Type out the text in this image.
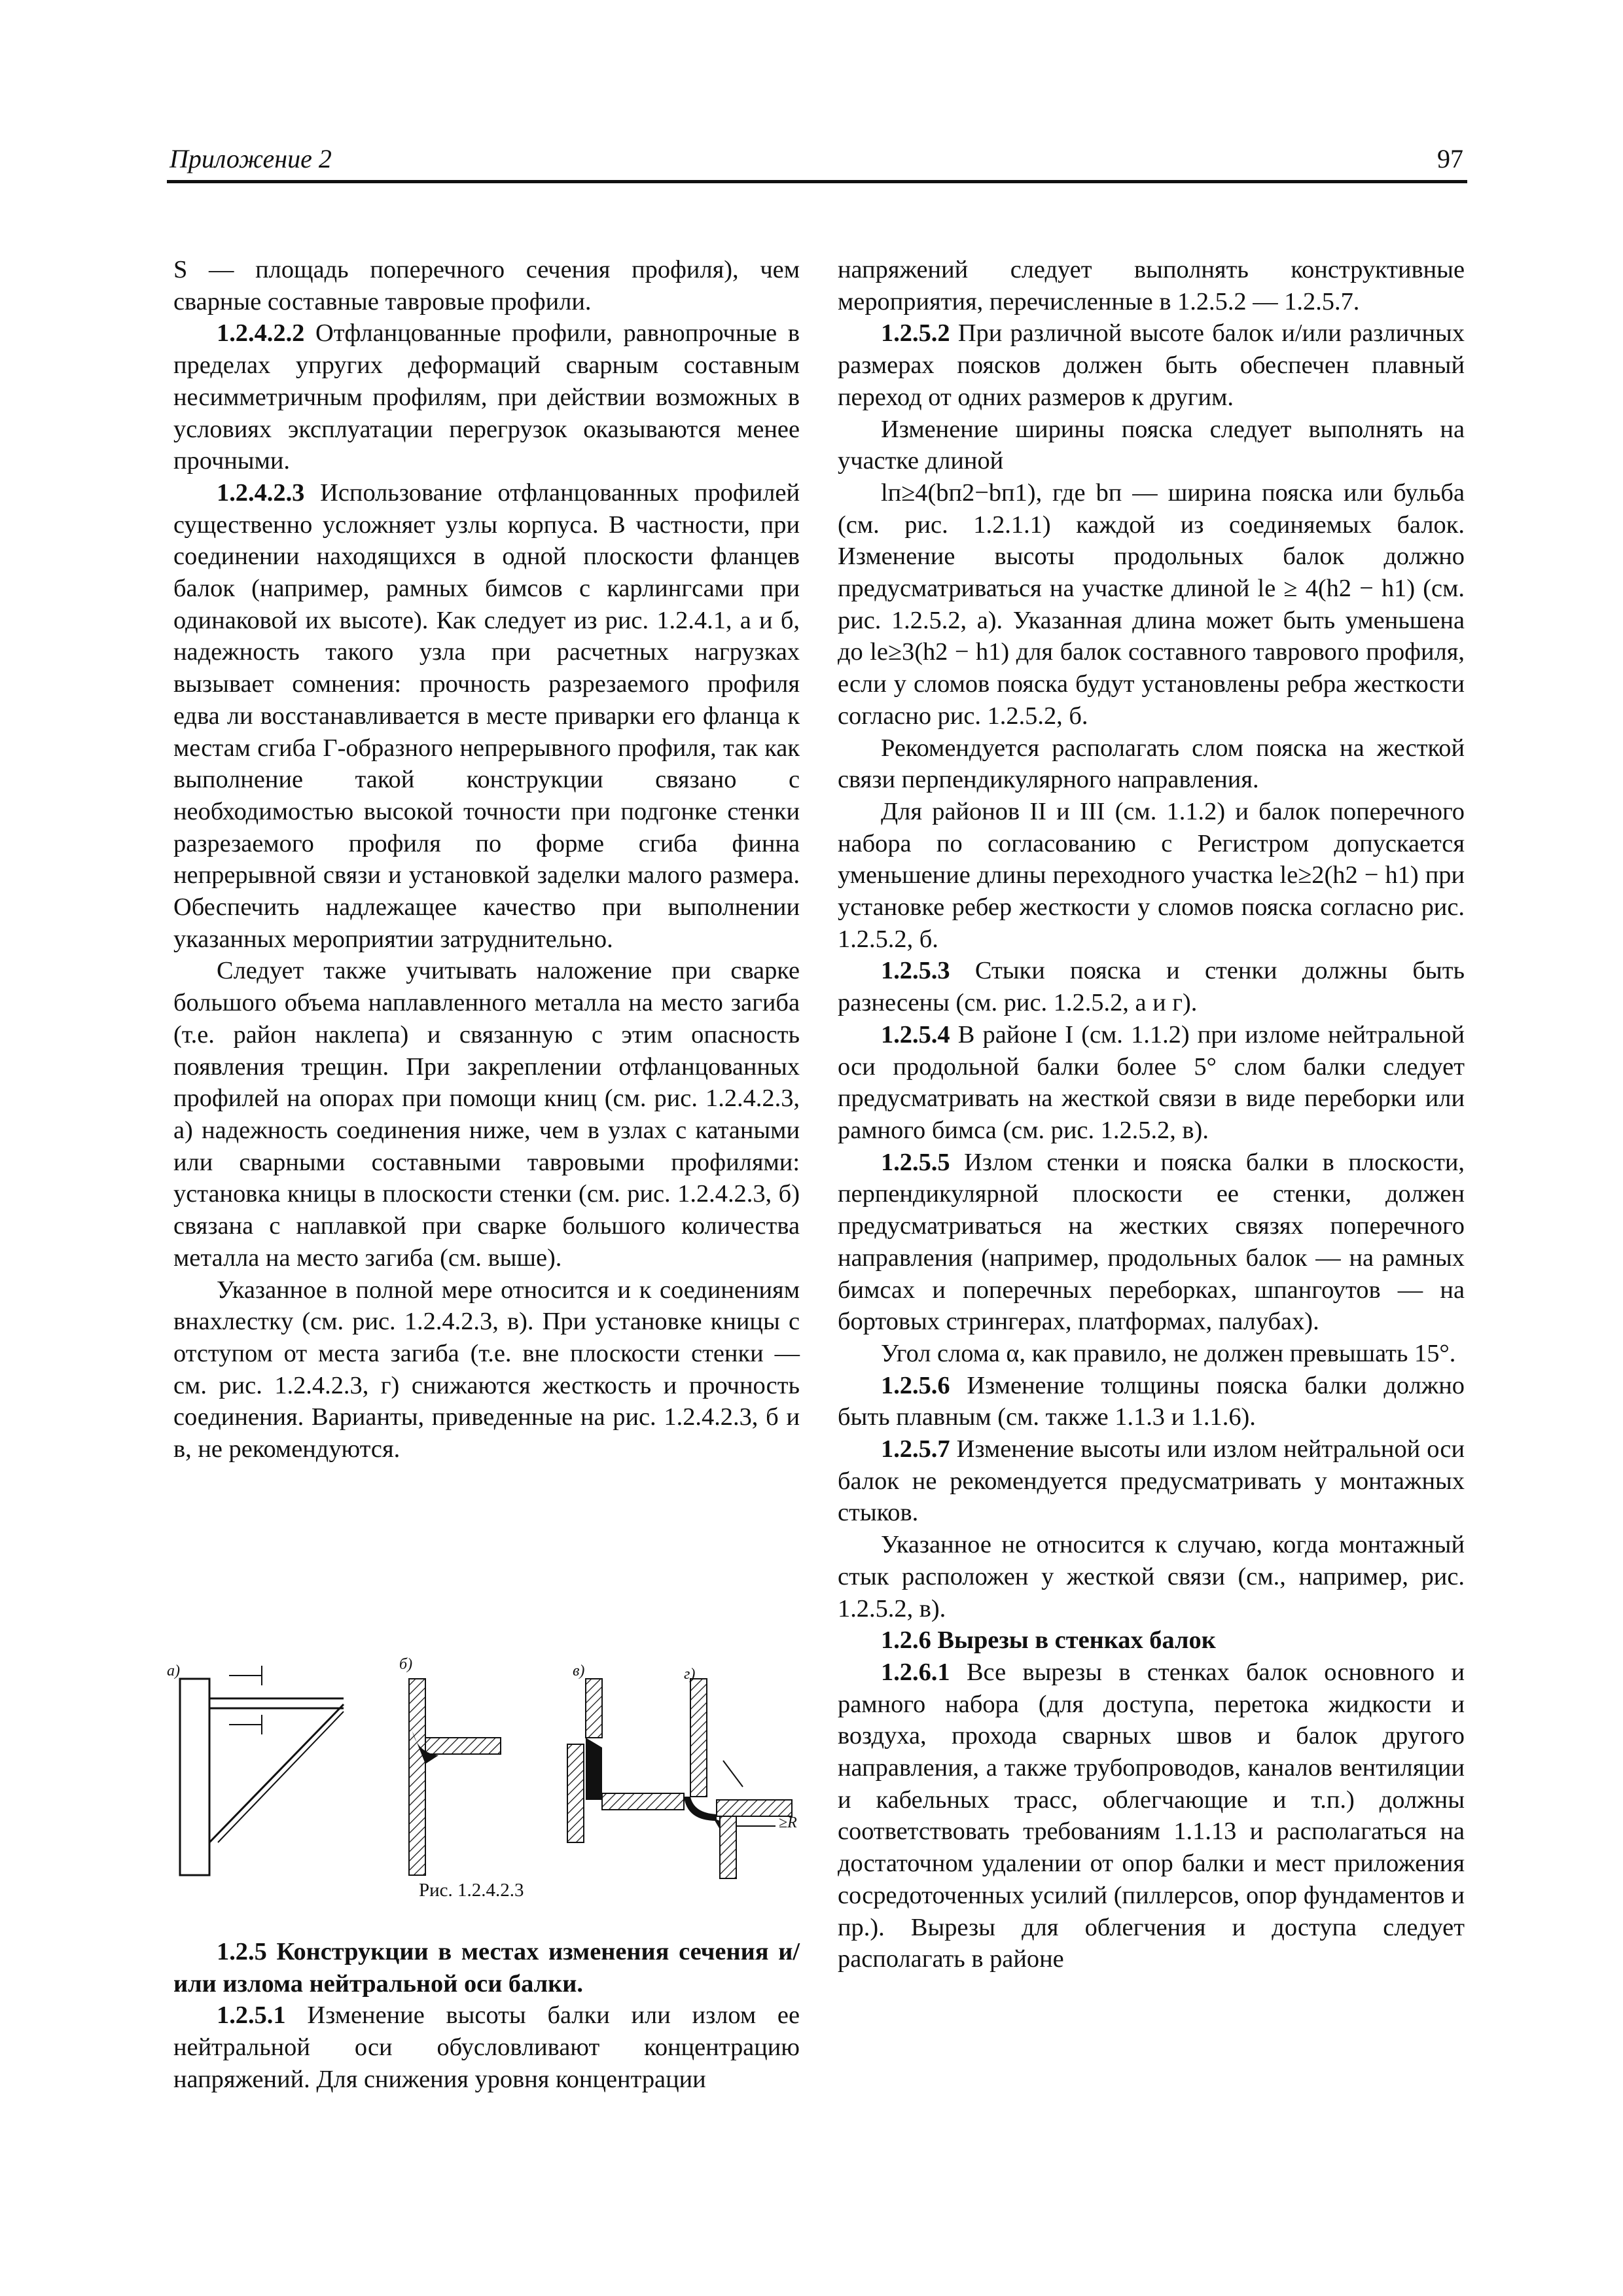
Приложение 2	97

S — площадь поперечного сечения профиля), чем сварные составные тавровые профили.

1.2.4.2.2 Отфланцованные профили, равнопрочные в пределах упругих деформаций сварным составным несимметричным профилям, при действии возможных в условиях эксплуатации перегрузок оказываются менее прочными.

1.2.4.2.3 Использование отфланцованных профилей существенно усложняет узлы корпуса. В частности, при соединении находящихся в одной плоскости фланцев балок (например, рамных бимсов с карлингсами при одинаковой их высоте). Как следует из рис. 1.2.4.1, а и б, надежность такого узла при расчетных нагрузках вызывает сомнения: прочность разрезаемого профиля едва ли восстанавливается в месте приварки его фланца к местам сгиба Г-образного непрерывного профиля, так как выполнение такой конструкции связано с необходимостью высокой точности при подгонке стенки разрезаемого профиля по форме сгиба финна непрерывной связи и установкой заделки малого размера. Обеспечить надлежащее качество при выполнении указанных мероприятии затруднительно.

Следует также учитывать наложение при сварке большого объема наплавленного металла на место загиба (т.е. район наклепа) и связанную с этим опасность появления трещин. При закреплении отфланцованных профилей на опорах при помощи книц (см. рис. 1.2.4.2.3, а) надежность соединения ниже, чем в узлах с катаными или сварными составными тавровыми профилями: установка кницы в плоскости стенки (см. рис. 1.2.4.2.3, б) связана с наплавкой при сварке большого количества металла на место загиба (см. выше).

Указанное в полной мере относится и к соединениям внахлестку (см. рис. 1.2.4.2.3, в). При установке кницы с отступом от места загиба (т.е. вне плоскости стенки — см. рис. 1.2.4.2.3, г) снижаются жесткость и прочность соединения. Варианты, приведенные на рис. 1.2.4.2.3, б и в, не рекомендуются.

а)	б)	в)	г)
≥R
Рис. 1.2.4.2.3

1.2.5 Конструкции в местах изменения сечения и/или излома нейтральной оси балки.

1.2.5.1 Изменение высоты балки или излом ее нейтральной оси обусловливают концентрацию напряжений. Для снижения уровня концентрации

напряжений следует выполнять конструктивные мероприятия, перечисленные в 1.2.5.2 — 1.2.5.7.

1.2.5.2 При различной высоте балок и/или различных размерах поясков должен быть обеспечен плавный переход от одних размеров к другим.

Изменение ширины пояска следует выполнять на участке длиной

lп≥4(bп2−bп1), где bп — ширина пояска или бульба (см. рис. 1.2.1.1) каждой из соединяемых балок. Изменение высоты продольных балок должно предусматриваться на участке длиной le ≥ 4(h2 − h1) (см. рис. 1.2.5.2, а). Указанная длина может быть уменьшена до le≥3(h2 − h1) для балок составного таврового профиля, если у сломов пояска будут установлены ребра жесткости согласно рис. 1.2.5.2, б.

Рекомендуется располагать слом пояска на жесткой связи перпендикулярного направления.

Для районов II и III (см. 1.1.2) и балок поперечного набора по согласованию с Регистром допускается уменьшение длины переходного участка le≥2(h2 − h1) при установке ребер жесткости у сломов пояска согласно рис. 1.2.5.2, б.

1.2.5.3 Стыки пояска и стенки должны быть разнесены (см. рис. 1.2.5.2, а и г).

1.2.5.4 В районе I (см. 1.1.2) при изломе нейтральной оси продольной балки более 5° слом балки следует предусматривать на жесткой связи в виде переборки или рамного бимса (см. рис. 1.2.5.2, в).

1.2.5.5 Излом стенки и пояска балки в плоскости, перпендикулярной плоскости ее стенки, должен предусматриваться на жестких связях поперечного направления (например, продольных балок — на рамных бимсах и поперечных переборках, шпангоутов — на бортовых стрингерах, платформах, палубах).

Угол слома α, как правило, не должен превышать 15°.

1.2.5.6 Изменение толщины пояска балки должно быть плавным (см. также 1.1.3 и 1.1.6).

1.2.5.7 Изменение высоты или излом нейтральной оси балок не рекомендуется предусматривать у монтажных стыков.

Указанное не относится к случаю, когда монтажный стык расположен у жесткой связи (см., например, рис. 1.2.5.2, в).

1.2.6 Вырезы в стенках балок

1.2.6.1 Все вырезы в стенках балок основного и рамного набора (для доступа, перетока жидкости и воздуха, прохода сварных швов и балок другого направления, а также трубопроводов, каналов вентиляции и кабельных трасс, облегчающие и т.п.) должны соответствовать требованиям 1.1.13 и располагаться на достаточном удалении от опор балки и мест приложения сосредоточенных усилий (пиллерсов, опор фундаментов и пр.). Вырезы для облегчения и доступа следует располагать в районе
